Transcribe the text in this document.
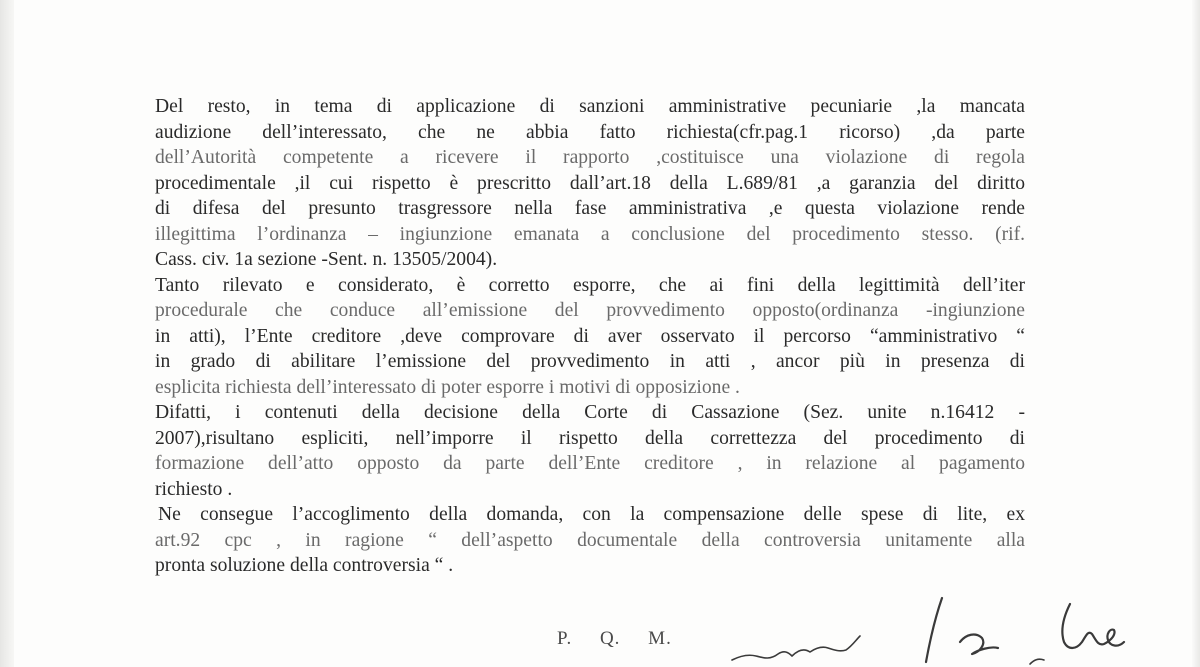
Del resto, in tema di applicazione di sanzioni amministrative pecuniarie ,la mancata
audizione dell’interessato, che ne abbia fatto richiesta(cfr.pag.1 ricorso) ,da parte
dell’Autorità competente a ricevere il rapporto ,costituisce una violazione di regola
procedimentale ,il cui rispetto è prescritto dall’art.18 della L.689/81 ,a garanzia del diritto
di difesa del presunto trasgressore nella fase amministrativa ,e questa violazione rende
illegittima l’ordinanza – ingiunzione emanata a conclusione del procedimento stesso. (rif.
Cass. civ. 1a sezione -Sent. n. 13505/2004).
Tanto rilevato e considerato, è corretto esporre, che ai fini della legittimità dell’iter
procedurale che conduce all’emissione del provvedimento opposto(ordinanza -ingiunzione
in atti), l’Ente creditore ,deve comprovare di aver osservato il percorso “amministrativo “
in grado di abilitare l’emissione del provvedimento in atti , ancor più in presenza di
esplicita richiesta dell’interessato di poter esporre i motivi di opposizione .
Difatti, i contenuti della decisione della Corte di Cassazione (Sez. unite n.16412 -
2007),risultano espliciti, nell’imporre il rispetto della correttezza del procedimento di
formazione dell’atto opposto da parte dell’Ente creditore , in relazione al pagamento
richiesto .
Ne consegue l’accoglimento della domanda, con la compensazione delle spese di lite, ex
art.92 cpc , in ragione “ dell’aspetto documentale della controversia unitamente alla
pronta soluzione della controversia “ .
P. Q. M.
